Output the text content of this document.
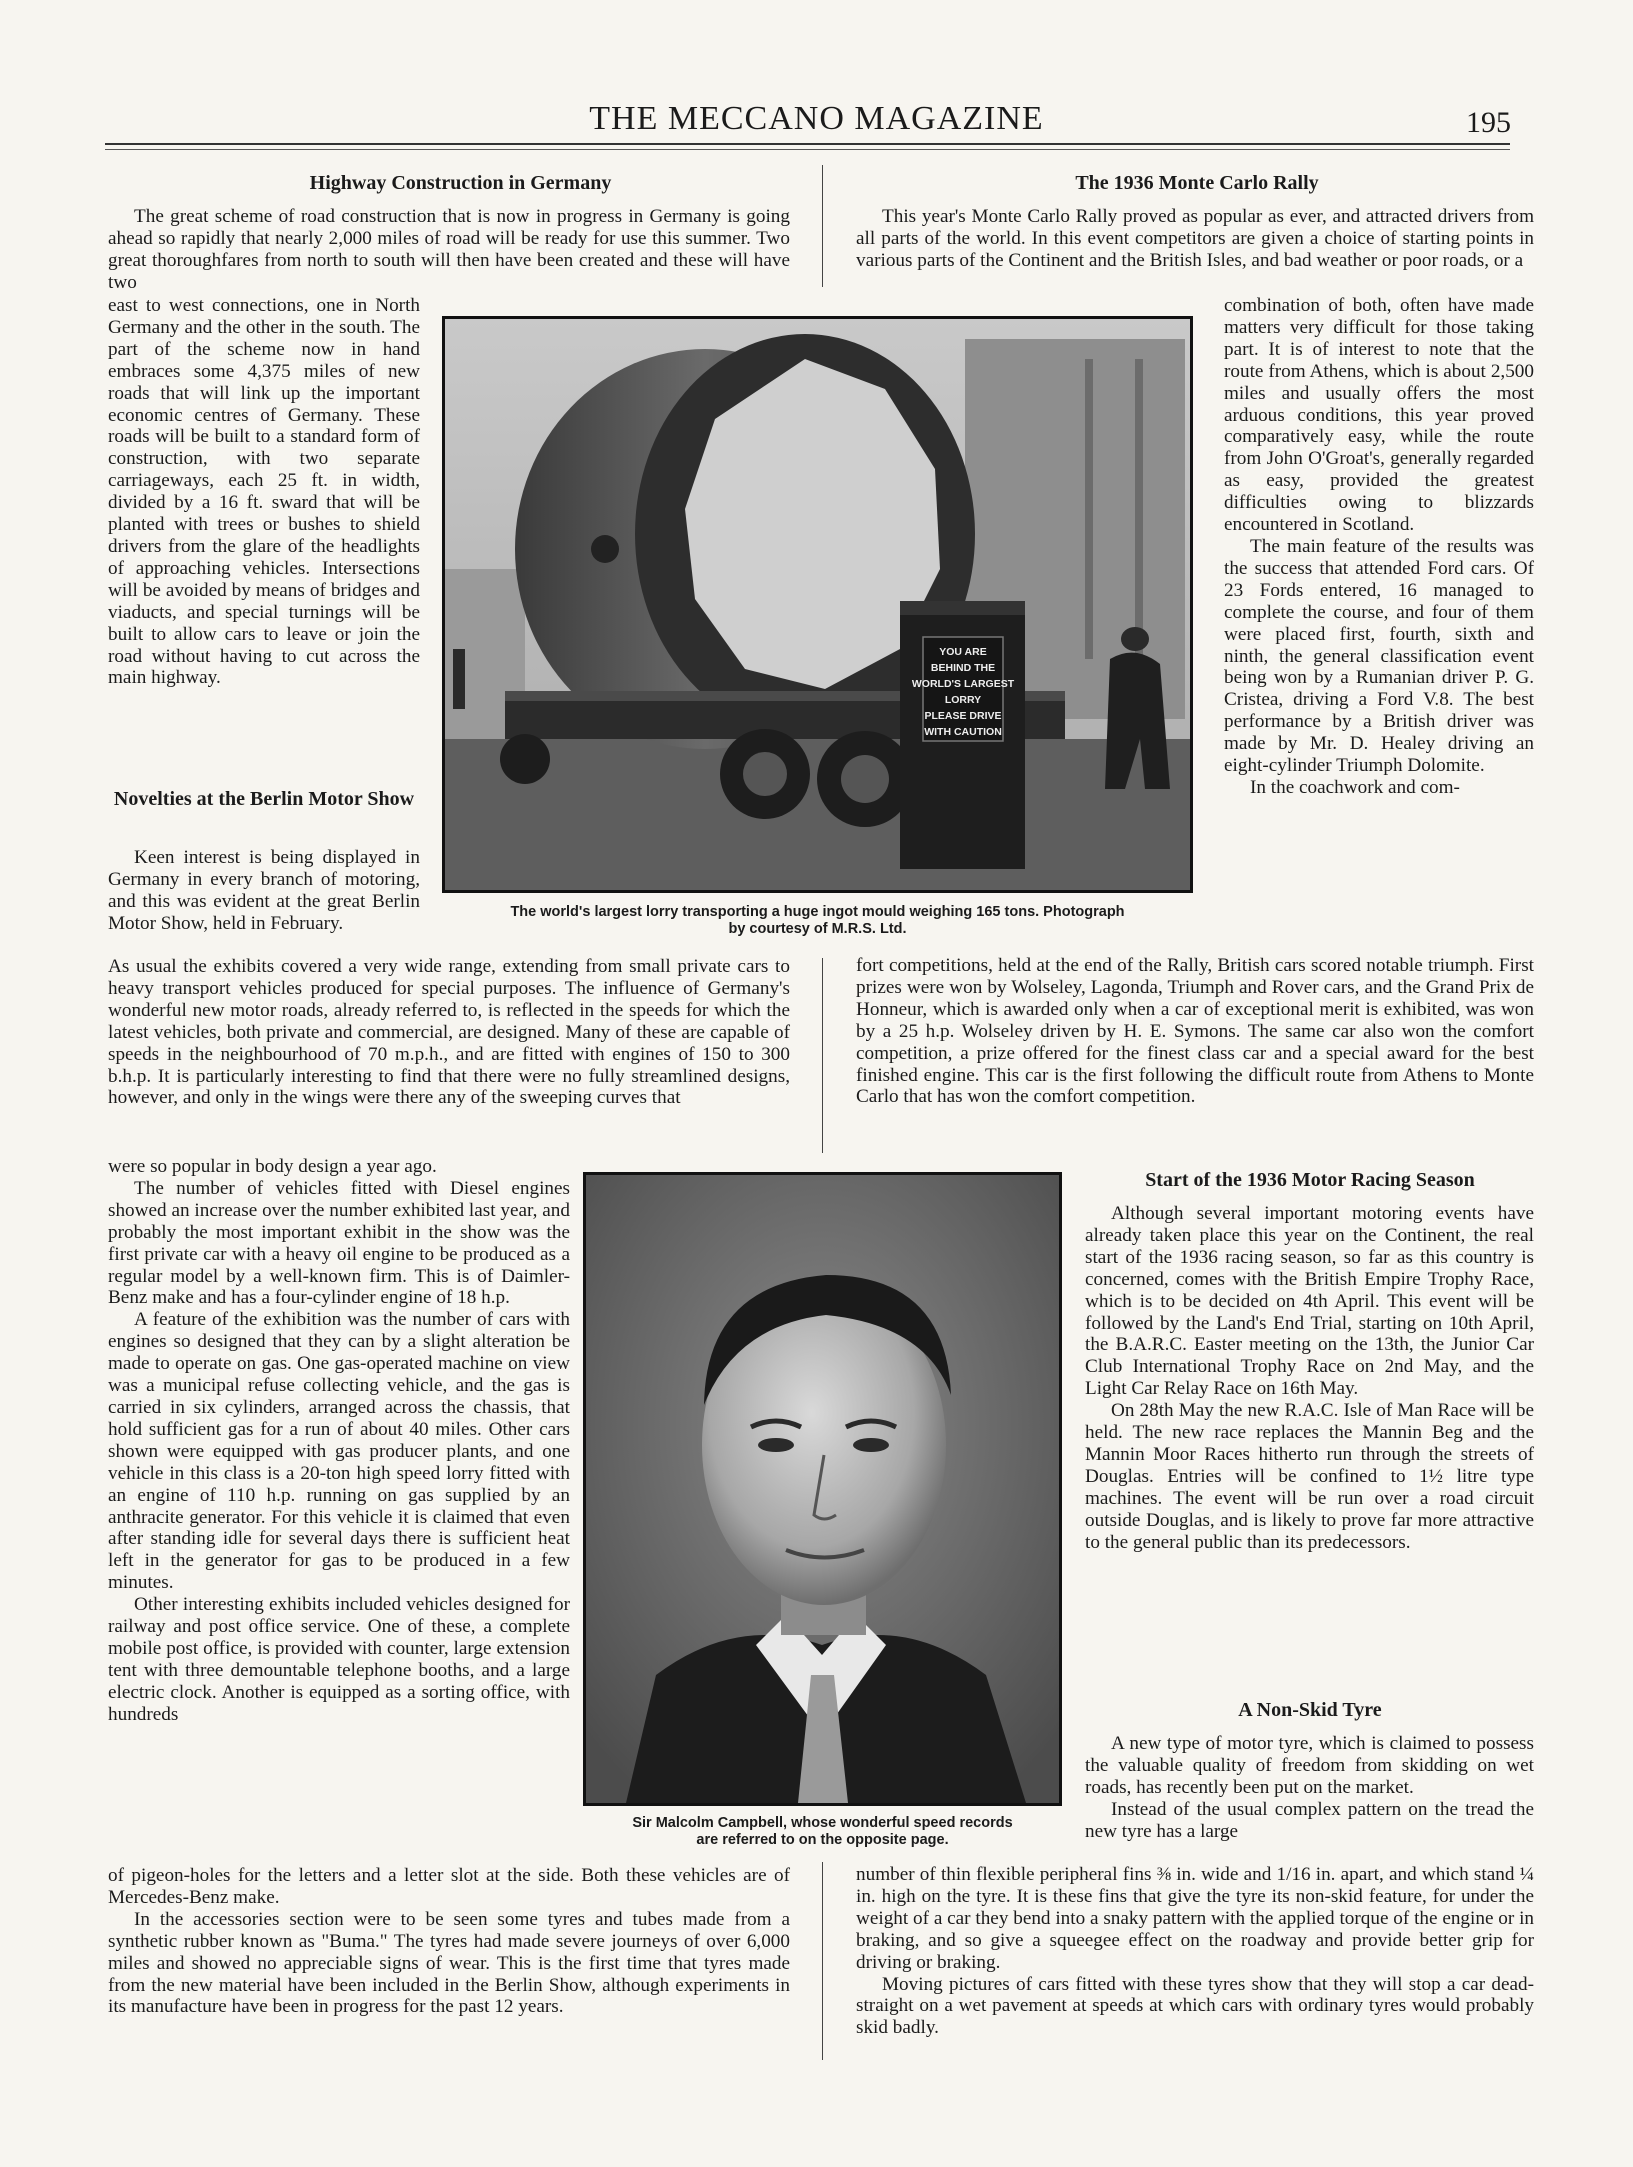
THE MECCANO MAGAZINE	195
Highway Construction in Germany

The great scheme of road construction that is now in progress in Germany is going ahead so rapidly that nearly 2,000 miles of road will be ready for use this summer. Two great thoroughfares from north to south will then have been created and these will have two

east to west connections, one in North Germany and the other in the south. The part of the scheme now in hand embraces some 4,375 miles of new roads that will link up the important economic centres of Germany. These roads will be built to a standard form of construction, with two separate carriageways, each 25 ft. in width, divided by a 16 ft. sward that will be planted with trees or bushes to shield drivers from the glare of the headlights of approaching vehicles. Intersections will be avoided by means of bridges and viaducts, and special turnings will be built to allow cars to leave or join the road without having to cut across the main highway.

Novelties at the Berlin Motor Show

Keen interest is being displayed in Germany in every branch of motoring, and this was evident at the great Berlin Motor Show, held in February.

As usual the exhibits covered a very wide range, extending from small private cars to heavy transport vehicles produced for special purposes. The influence of Germany's wonderful new motor roads, already referred to, is reflected in the speeds for which the latest vehicles, both private and commercial, are designed. Many of these are capable of speeds in the neighbourhood of 70 m.p.h., and are fitted with engines of 150 to 300 b.h.p. It is particularly interesting to find that there were no fully streamlined designs, however, and only in the wings were there any of the sweeping curves that

were so popular in body design a year ago.

The number of vehicles fitted with Diesel engines showed an increase over the number exhibited last year, and probably the most important exhibit in the show was the first private car with a heavy oil engine to be produced as a regular model by a well-known firm. This is of Daimler-Benz make and has a four-cylinder engine of 18 h.p.

A feature of the exhibition was the number of cars with engines so designed that they can by a slight alteration be made to operate on gas. One gas-operated machine on view was a municipal refuse collecting vehicle, and the gas is carried in six cylinders, arranged across the chassis, that hold sufficient gas for a run of about 40 miles. Other cars shown were equipped with gas producer plants, and one vehicle in this class is a 20-ton high speed lorry fitted with an engine of 110 h.p. running on gas supplied by an anthracite generator. For this vehicle it is claimed that even after standing idle for several days there is sufficient heat left in the generator for gas to be produced in a few minutes.

Other interesting exhibits included vehicles designed for railway and post office service. One of these, a complete mobile post office, is provided with counter, large extension tent with three demountable telephone booths, and a large electric clock. Another is equipped as a sorting office, with hundreds

of pigeon-holes for the letters and a letter slot at the side. Both these vehicles are of Mercedes-Benz make.

In the accessories section were to be seen some tyres and tubes made from a synthetic rubber known as "Buma." The tyres had made severe journeys of over 6,000 miles and showed no appreciable signs of wear. This is the first time that tyres made from the new material have been included in the Berlin Show, although experiments in its manufacture have been in progress for the past 12 years.

The 1936 Monte Carlo Rally

This year's Monte Carlo Rally proved as popular as ever, and attracted drivers from all parts of the world. In this event competitors are given a choice of starting points in various parts of the Continent and the British Isles, and bad weather or poor roads, or a

combination of both, often have made matters very difficult for those taking part. It is of interest to note that the route from Athens, which is about 2,500 miles and usually offers the most arduous conditions, this year proved comparatively easy, while the route from John O'Groat's, generally regarded as easy, provided the greatest difficulties owing to blizzards encountered in Scotland.

The main feature of the results was the success that attended Ford cars. Of 23 Fords entered, 16 managed to complete the course, and four of them were placed first, fourth, sixth and ninth, the general classification event being won by a Rumanian driver P. G. Cristea, driving a Ford V.8. The best performance by a British driver was made by Mr. D. Healey driving an eight-cylinder Triumph Dolomite.

In the coachwork and com-

fort competitions, held at the end of the Rally, British cars scored notable triumph. First prizes were won by Wolseley, Lagonda, Triumph and Rover cars, and the Grand Prix de Honneur, which is awarded only when a car of exceptional merit is exhibited, was won by a 25 h.p. Wolseley driven by H. E. Symons. The same car also won the comfort competition, a prize offered for the finest class car and a special award for the best finished engine. This car is the first following the difficult route from Athens to Monte Carlo that has won the comfort competition.

Start of the 1936 Motor Racing Season

Although several important motoring events have already taken place this year on the Continent, the real start of the 1936 racing season, so far as this country is concerned, comes with the British Empire Trophy Race, which is to be decided on 4th April. This event will be followed by the Land's End Trial, starting on 10th April, the B.A.R.C. Easter meeting on the 13th, the Junior Car Club International Trophy Race on 2nd May, and the Light Car Relay Race on 16th May.

On 28th May the new R.A.C. Isle of Man Race will be held. The new race replaces the Mannin Beg and the Mannin Moor Races hitherto run through the streets of Douglas. Entries will be confined to 1½ litre type machines. The event will be run over a road circuit outside Douglas, and is likely to prove far more attractive to the general public than its predecessors.

A Non-Skid Tyre

A new type of motor tyre, which is claimed to possess the valuable quality of freedom from skidding on wet roads, has recently been put on the market.

Instead of the usual complex pattern on the tread the new tyre has a large

number of thin flexible peripheral fins ⅜ in. wide and 1/16 in. apart, and which stand ¼ in. high on the tyre. It is these fins that give the tyre its non-skid feature, for under the weight of a car they bend into a snaky pattern with the applied torque of the engine or in braking, and so give a squeegee effect on the roadway and provide better grip for driving or braking.

Moving pictures of cars fitted with these tyres show that they will stop a car dead-straight on a wet pavement at speeds at which cars with ordinary tyres would probably skid badly.

YOU ARE BEHIND THE WORLD'S LARGEST LORRY PLEASE DRIVE WITH CAUTION
The world's largest lorry transporting a huge ingot mould weighing 165 tons. Photograph
by courtesy of M.R.S. Ltd.
Sir Malcolm Campbell, whose wonderful speed records
are referred to on the opposite page.
